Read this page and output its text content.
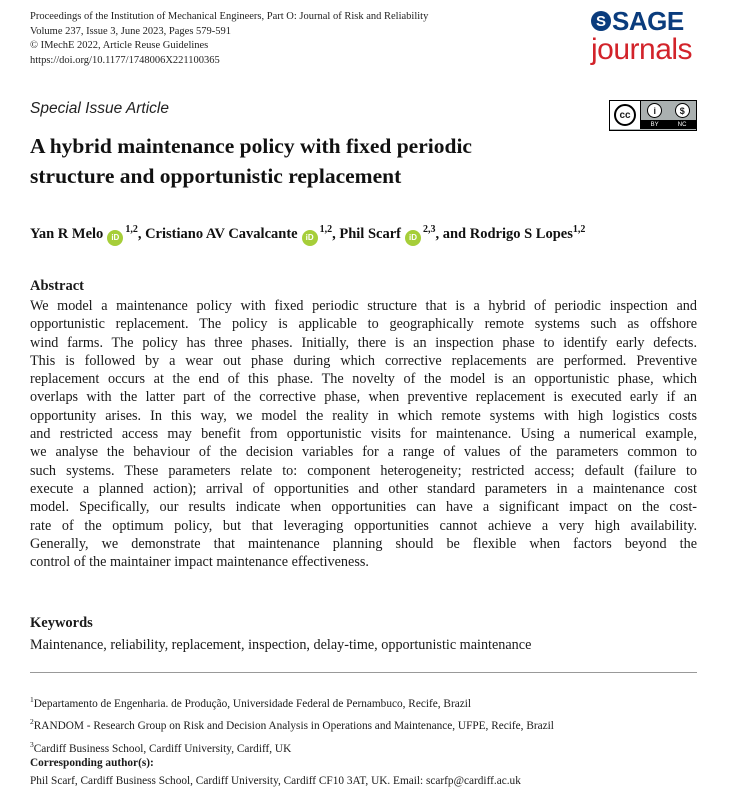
Proceedings of the Institution of Mechanical Engineers, Part O: Journal of Risk and Reliability
Volume 237, Issue 3, June 2023, Pages 579-591
© IMechE 2022, Article Reuse Guidelines
https://doi.org/10.1177/1748006X221100365
S SAGE
journals
Special Issue Article	cc	i	$
BY	NC
A hybrid maintenance policy with fixed periodic
structure and opportunistic replacement
Yan R Melo iD$^{1,2}$, Cristiano AV Cavalcante iD$^{1,2}$, Phil Scarf iD$^{2,3}$, and Rodrigo S Lopes$^{1,2}$
Abstract
We model a maintenance policy with fixed periodic structure that is a hybrid of periodic inspection and
opportunistic replacement. The policy is applicable to geographically remote systems such as offshore
wind farms. The policy has three phases. Initially, there is an inspection phase to identify early defects.
This is followed by a wear out phase during which corrective replacements are performed. Preventive
replacement occurs at the end of this phase. The novelty of the model is an opportunistic phase, which
overlaps with the latter part of the corrective phase, when preventive replacement is executed early if an
opportunity arises. In this way, we model the reality in which remote systems with high logistics costs
and restricted access may benefit from opportunistic visits for maintenance. Using a numerical example,
we analyse the behaviour of the decision variables for a range of values of the parameters common to
such systems. These parameters relate to: component heterogeneity; restricted access; default (failure to
execute a planned action); arrival of opportunities and other standard parameters in a maintenance cost
model. Specifically, our results indicate when opportunities can have a significant impact on the cost-
rate of the optimum policy, but that leveraging opportunities cannot achieve a very high availability.
Generally, we demonstrate that maintenance planning should be flexible when factors beyond the
control of the maintainer impact maintenance effectiveness.
Keywords
Maintenance, reliability, replacement, inspection, delay-time, opportunistic maintenance
$^1$Departamento de Engenharia. de Produção, Universidade Federal de Pernambuco, Recife, Brazil
$^2$RANDOM - Research Group on Risk and Decision Analysis in Operations and Maintenance, UFPE, Recife, Brazil
$^3$Cardiff Business School, Cardiff University, Cardiff, UK
Corresponding author(s):
Phil Scarf, Cardiff Business School, Cardiff University, Cardiff CF10 3AT, UK. Email: scarfp@cardiff.ac.uk
